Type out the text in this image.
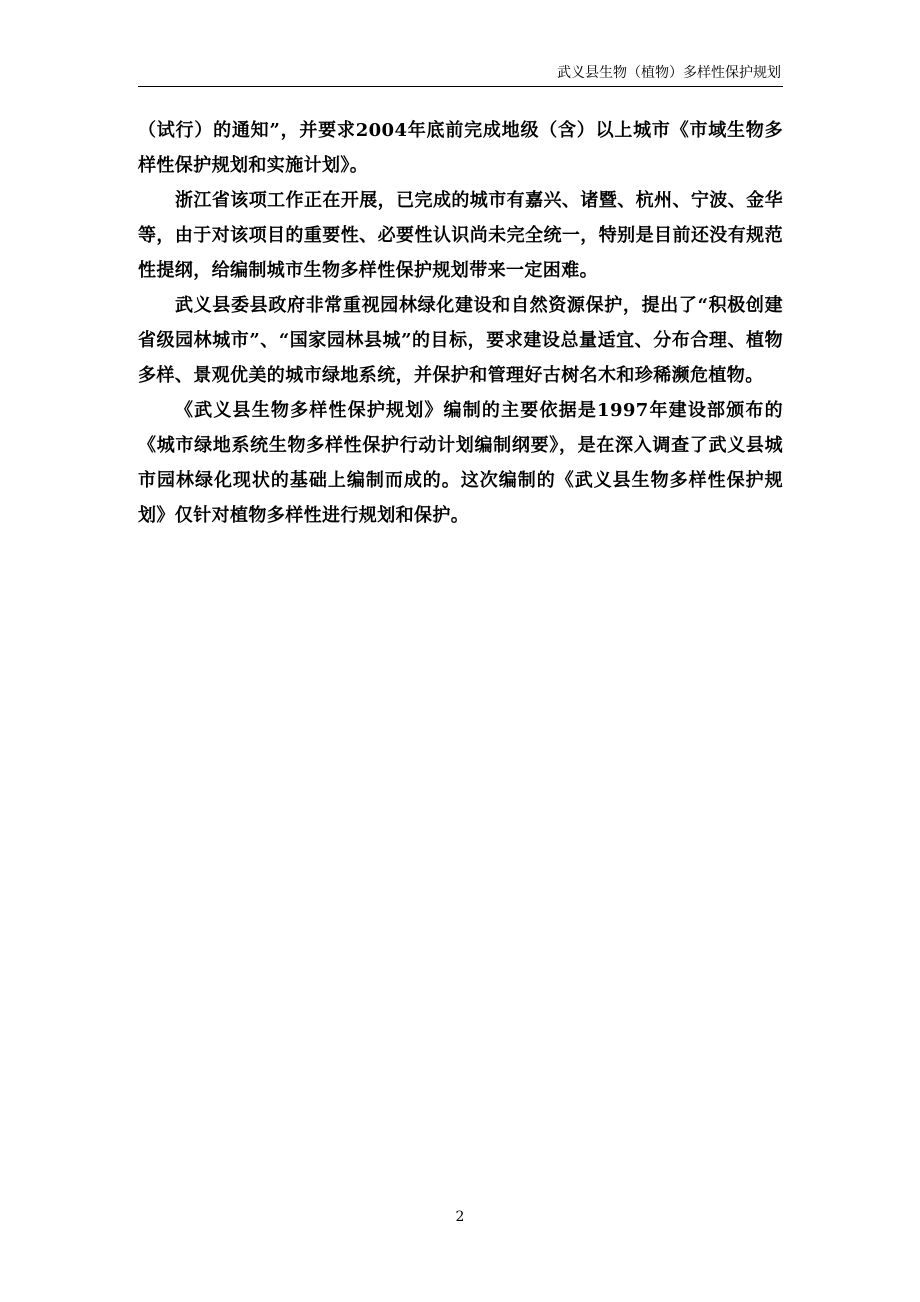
武义县生物（植物）多样性保护规划

（试行）的通知”，并要求2004年底前完成地级（含）以上城市《市域生物多样性保护规划和实施计划》。

浙江省该项工作正在开展，已完成的城市有嘉兴、诸暨、杭州、宁波、金华等，由于对该项目的重要性、必要性认识尚未完全统一，特别是目前还没有规范性提纲，给编制城市生物多样性保护规划带来一定困难。

武义县委县政府非常重视园林绿化建设和自然资源保护，提出了“积极创建省级园林城市”、“国家园林县城”的目标，要求建设总量适宜、分布合理、植物多样、景观优美的城市绿地系统，并保护和管理好古树名木和珍稀濒危植物。

《武义县生物多样性保护规划》编制的主要依据是1997年建设部颁布的《城市绿地系统生物多样性保护行动计划编制纲要》，是在深入调查了武义县城市园林绿化现状的基础上编制而成的。这次编制的《武义县生物多样性保护规划》仅针对植物多样性进行规划和保护。

2
